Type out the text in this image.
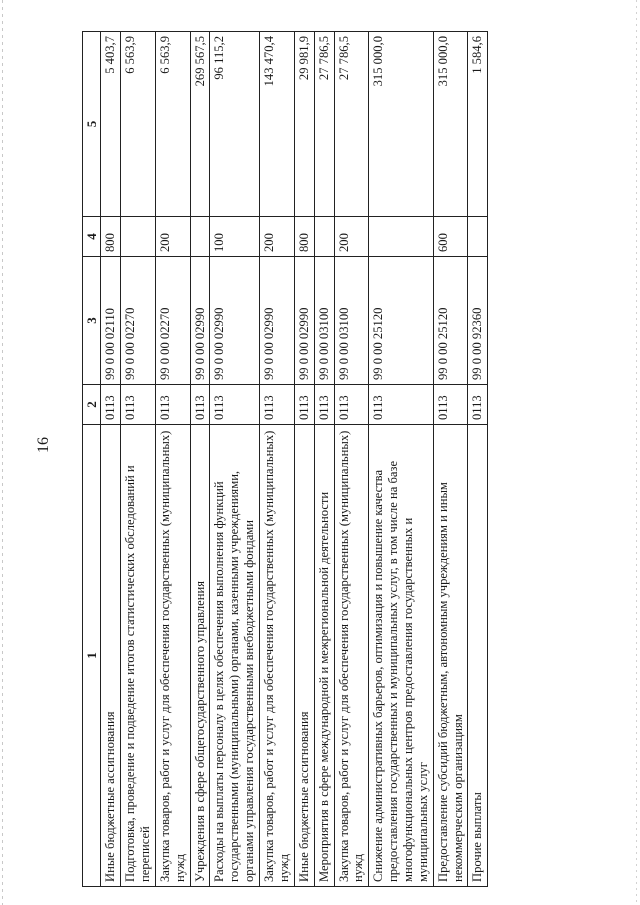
16
1	2	3	4	5
Иные бюджетные ассигнования	0113	99 0 00 02110	800	5 403,7
Подготовка, проведение и подведение итогов статистических обследований и переписей	0113	99 0 00 02270		6 563,9
Закупка товаров, работ и услуг для обеспечения государственных (муниципальных) нужд	0113	99 0 00 02270	200	6 563,9
Учреждения в сфере общегосударственного управления	0113	99 0 00 02990		269 567,5
Расходы на выплаты персоналу в целях обеспечения выполнения функций государственными (муниципальными) органами, казенными учреждениями, органами управления государственными внебюджетными фондами	0113	99 0 00 02990	100	96 115,2
Закупка товаров, работ и услуг для обеспечения государственных (муниципальных) нужд	0113	99 0 00 02990	200	143 470,4
Иные бюджетные ассигнования	0113	99 0 00 02990	800	29 981,9
Мероприятия в сфере международной и межрегиональной деятельности	0113	99 0 00 03100		27 786,5
Закупка товаров, работ и услуг для обеспечения государственных (муниципальных) нужд	0113	99 0 00 03100	200	27 786,5
Снижение административных барьеров, оптимизация и повышение качества предоставления государственных и муниципальных услуг, в том числе на базе многофункциональных центров предоставления государственных и муниципальных услуг	0113	99 0 00 25120		315 000,0
Предоставление субсидий бюджетным, автономным учреждениям и иным некоммерческим организациям	0113	99 0 00 25120	600	315 000,0
Прочие выплаты	0113	99 0 00 92360		1 584,6
